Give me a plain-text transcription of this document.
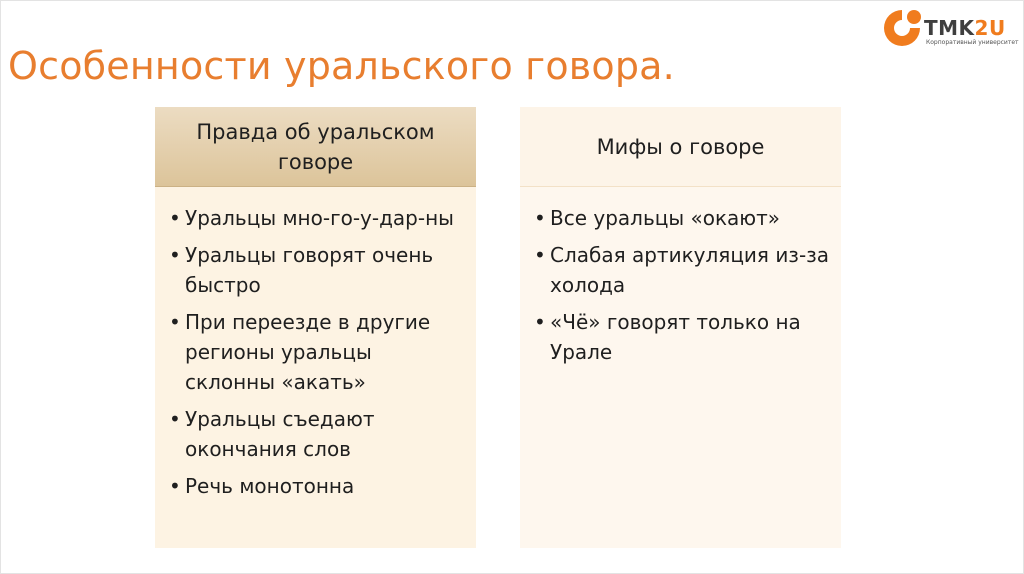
Особенности уральского говора.
TMK2U
Корпоративный университет
Правда об уральском говоре
• Уральцы мно-го-у-дар-ны
• Уральцы говорят очень быстро
• При переезде в другие регионы уральцы склонны «акать»
• Уральцы съедают окончания слов
• Речь монотонна
Мифы о говоре
• Все уральцы «окают»
• Слабая артикуляция из-за холода
• «Чё» говорят только на Урале
